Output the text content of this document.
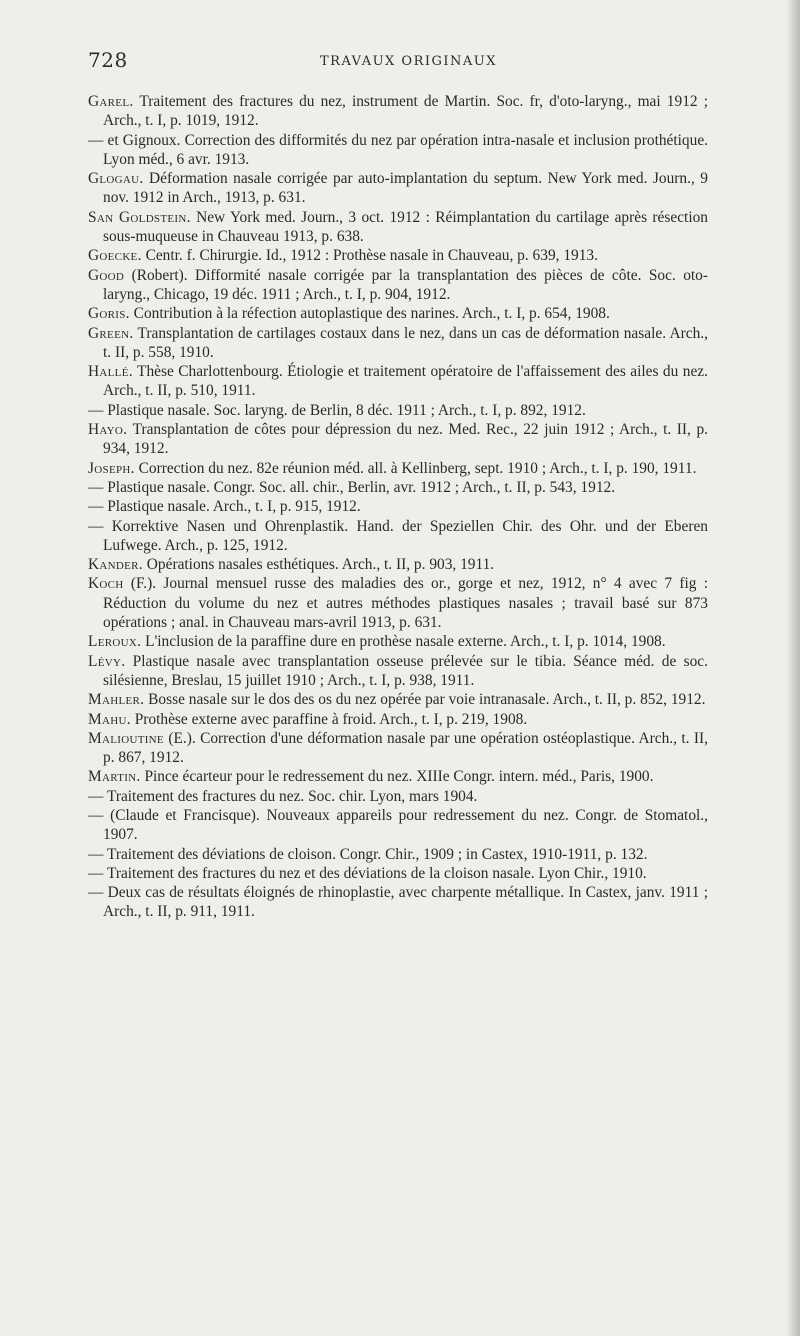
728	TRAVAUX ORIGINAUX

Garel. Traitement des fractures du nez, instrument de Martin. Soc. fr, d'oto-laryng., mai 1912 ; Arch., t. I, p. 1019, 1912.

— et Gignoux. Correction des difformités du nez par opération intra-nasale et inclusion prothétique. Lyon méd., 6 avr. 1913.

Glogau. Déformation nasale corrigée par auto-implantation du septum. New York med. Journ., 9 nov. 1912 in Arch., 1913, p. 631.

San Goldstein. New York med. Journ., 3 oct. 1912 : Réimplantation du cartilage après résection sous-muqueuse in Chauveau 1913, p. 638.

Goecke. Centr. f. Chirurgie. Id., 1912 : Prothèse nasale in Chauveau, p. 639, 1913.

Good (Robert). Difformité nasale corrigée par la transplantation des pièces de côte. Soc. oto-laryng., Chicago, 19 déc. 1911 ; Arch., t. I, p. 904, 1912.

Goris. Contribution à la réfection autoplastique des narines. Arch., t. I, p. 654, 1908.

Green. Transplantation de cartilages costaux dans le nez, dans un cas de déformation nasale. Arch., t. II, p. 558, 1910.

Hallé. Thèse Charlottenbourg. Étiologie et traitement opératoire de l'affaissement des ailes du nez. Arch., t. II, p. 510, 1911.

— Plastique nasale. Soc. laryng. de Berlin, 8 déc. 1911 ; Arch., t. I, p. 892, 1912.

Hayo. Transplantation de côtes pour dépression du nez. Med. Rec., 22 juin 1912 ; Arch., t. II, p. 934, 1912.

Joseph. Correction du nez. 82e réunion méd. all. à Kellinberg, sept. 1910 ; Arch., t. I, p. 190, 1911.

— Plastique nasale. Congr. Soc. all. chir., Berlin, avr. 1912 ; Arch., t. II, p. 543, 1912.

— Plastique nasale. Arch., t. I, p. 915, 1912.

— Korrektive Nasen und Ohrenplastik. Hand. der Speziellen Chir. des Ohr. und der Eberen Lufwege. Arch., p. 125, 1912.

Kander. Opérations nasales esthétiques. Arch., t. II, p. 903, 1911.

Koch (F.). Journal mensuel russe des maladies des or., gorge et nez, 1912, n° 4 avec 7 fig : Réduction du volume du nez et autres méthodes plastiques nasales ; travail basé sur 873 opérations ; anal. in Chauveau mars-avril 1913, p. 631.

Leroux. L'inclusion de la paraffine dure en prothèse nasale externe. Arch., t. I, p. 1014, 1908.

Lévy. Plastique nasale avec transplantation osseuse prélevée sur le tibia. Séance méd. de soc. silésienne, Breslau, 15 juillet 1910 ; Arch., t. I, p. 938, 1911.

Mahler. Bosse nasale sur le dos des os du nez opérée par voie intranasale. Arch., t. II, p. 852, 1912.

Mahu. Prothèse externe avec paraffine à froid. Arch., t. I, p. 219, 1908.

Malioutine (E.). Correction d'une déformation nasale par une opération ostéoplastique. Arch., t. II, p. 867, 1912.

Martin. Pince écarteur pour le redressement du nez. XIIIe Congr. intern. méd., Paris, 1900.

— Traitement des fractures du nez. Soc. chir. Lyon, mars 1904.

— (Claude et Francisque). Nouveaux appareils pour redressement du nez. Congr. de Stomatol., 1907.

— Traitement des déviations de cloison. Congr. Chir., 1909 ; in Castex, 1910-1911, p. 132.

— Traitement des fractures du nez et des déviations de la cloison nasale. Lyon Chir., 1910.

— Deux cas de résultats éloignés de rhinoplastie, avec charpente métallique. In Castex, janv. 1911 ; Arch., t. II, p. 911, 1911.
